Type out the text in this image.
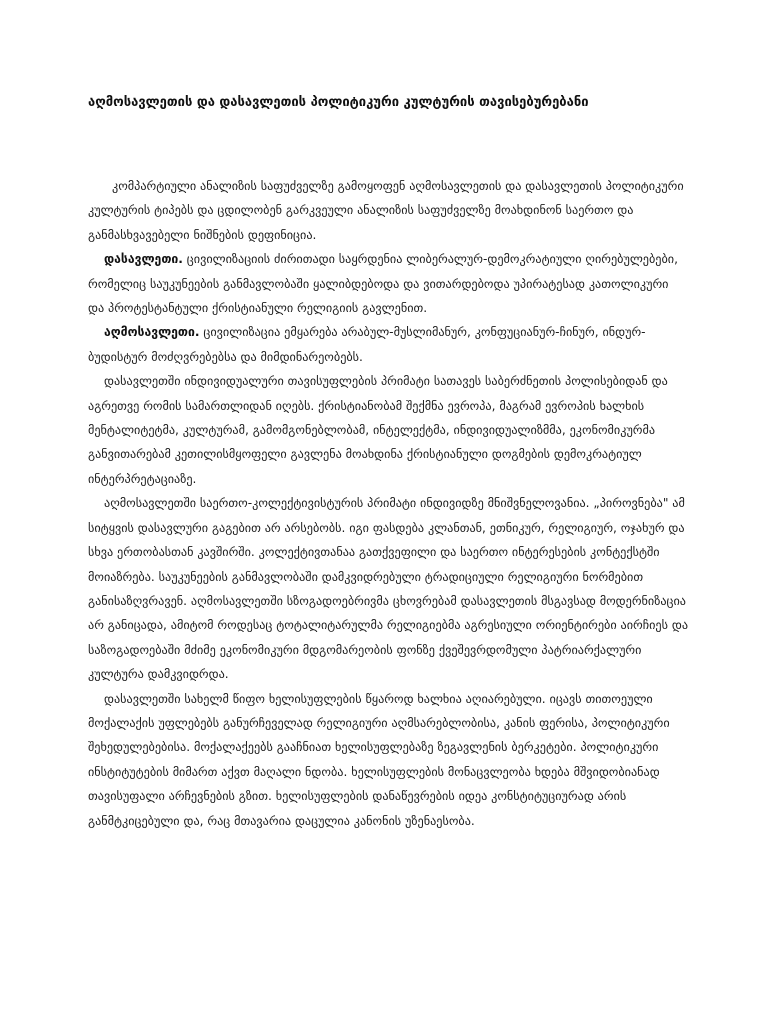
აღმოსავლეთის და დასავლეთის პოლიტიკური კულტურის თავისებურებანი

კომპარტიული ანალიზის საფუძველზე გამოყოფენ აღმოსავლეთის და დასავლეთის პოლიტიკური კულტურის ტიპებს და ცდილობენ გარკვეული ანალიზის საფუძველზე მოახდინონ საერთო და განმასხვავებელი ნიშნების დეფინიცია.

დასავლეთი. ცივილიზაციის ძირითადი საყრდენია ლიბერალურ-დემოკრატიული ღირებულებები, რომელიც საუკუნეების განმავლობაში ყალიბდებოდა და ვითარდებოდა უპირატესად კათოლიკური და პროტესტანტული ქრისტიანული რელიგიის გავლენით.

აღმოსავლეთი. ცივილიზაცია ემყარება არაბულ-მუსლიმანურ, კონფუციანურ-ჩინურ, ინდურ-ბუდისტურ მოძღვრებებსა და მიმდინარეობებს.

დასავლეთში ინდივიდუალური თავისუფლების პრიმატი სათავეს საბერძნეთის პოლისებიდან და აგრეთვე რომის სამართლიდან იღებს. ქრისტიანობამ შექმნა ევროპა, მაგრამ ევროპის ხალხის მენტალიტეტმა, კულტურამ, გამომგონებლობამ, ინტელექტმა, ინდივიდუალიზმმა, ეკონომიკურმა განვითარებამ კეთილისმყოფელი გავლენა მოახდინა ქრისტიანული დოგმების დემოკრატიულ ინტერპრეტაციაზე.

აღმოსავლეთში საერთო-კოლექტივისტურის პრიმატი ინდივიდზე მნიშვნელოვანია. „პიროვნება" ამ სიტყვის დასავლური გაგებით არ არსებობს. იგი ფასდება კლანთან, ეთნიკურ, რელიგიურ, ოჯახურ და სხვა ერთობასთან კავშირში. კოლექტივთანაა გათქვეფილი და საერთო ინტერესების კონტექსტში მოიაზრება. საუკუნეების განმავლობაში დამკვიდრებული ტრადიციული რელიგიური ნორმებით განისაზღვრავენ. აღმოსავლეთში სზოგადოებრივმა ცხოვრებამ დასავლეთის მსგავსად მოდერნიზაცია არ განიცადა, ამიტომ როდესაც ტოტალიტარულმა რელიგიებმა აგრესიული ორიენტირები აირჩიეს და საზოგადოებაში მძიმე ეკონომიკური მდგომარეობის ფონზე ქვეშევრდომული პატრიარქალური კულტურა დამკვიდრდა.

დასავლეთში სახელმ წიფო ხელისუფლების წყაროდ ხალხია აღიარებული. იცავს თითოეული მოქალაქის უფლებებს განურჩეველად რელიგიური აღმსარებლობისა, კანის ფერისა, პოლიტიკური შეხედულებებისა. მოქალაქეებს გააჩნიათ ხელისუფლებაზე ზეგავლენის ბერკეტები. პოლიტიკური ინსტიტუტების მიმართ აქვთ მაღალი ნდობა. ხელისუფლების მონაცვლეობა ხდება მშვიდობიანად თავისუფალი არჩევნების გზით. ხელისუფლების დანაწევრების იდეა კონსტიტუციურად არის განმტკიცებული და, რაც მთავარია დაცულია კანონის უზენაესობა.
